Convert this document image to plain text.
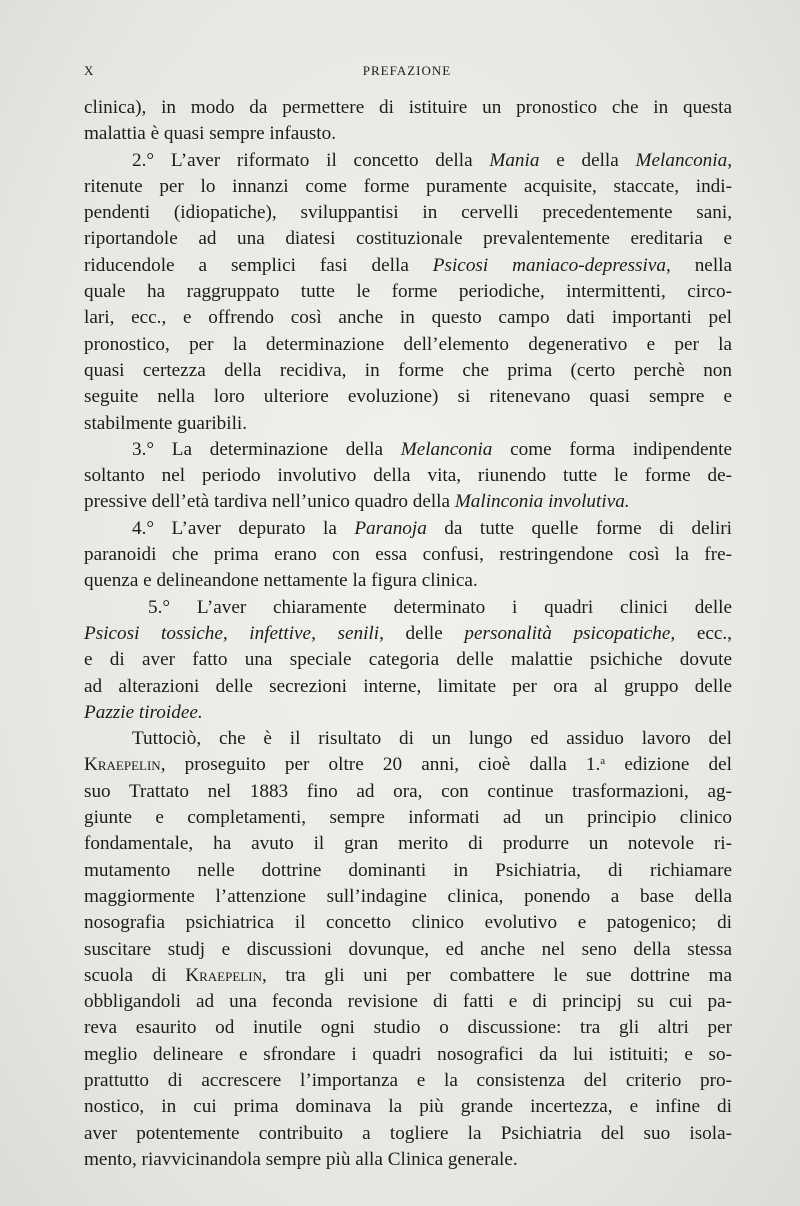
X	PREFAZIONE
clinica), in modo da permettere di istituire un pronostico che in questa
malattia è quasi sempre infausto.
2.° L’aver riformato il concetto della Mania e della Melanconia,
ritenute per lo innanzi come forme puramente acquisite, staccate, indi-
pendenti (idiopatiche), sviluppantisi in cervelli precedentemente sani,
riportandole ad una diatesi costituzionale prevalentemente ereditaria e
riducendole a semplici fasi della Psicosi maniaco-depressiva, nella
quale ha raggruppato tutte le forme periodiche, intermittenti, circo-
lari, ecc., e offrendo così anche in questo campo dati importanti pel
pronostico, per la determinazione dell’elemento degenerativo e per la
quasi certezza della recidiva, in forme che prima (certo perchè non
seguite nella loro ulteriore evoluzione) si ritenevano quasi sempre e
stabilmente guaribili.
3.° La determinazione della Melanconia come forma indipendente
soltanto nel periodo involutivo della vita, riunendo tutte le forme de-
pressive dell’età tardiva nell’unico quadro della Malinconia involutiva.
4.° L’aver depurato la Paranoja da tutte quelle forme di deliri
paranoidi che prima erano con essa confusi, restringendone così la fre-
quenza e delineandone nettamente la figura clinica.
5.° L’aver chiaramente determinato i quadri clinici delle
Psicosi tossiche, infettive, senili, delle personalità psicopatiche, ecc.,
e di aver fatto una speciale categoria delle malattie psichiche dovute
ad alterazioni delle secrezioni interne, limitate per ora al gruppo delle
Pazzie tiroidee.
Tuttociò, che è il risultato di un lungo ed assiduo lavoro del
Kraepelin, proseguito per oltre 20 anni, cioè dalla 1.$^a$ edizione del
suo Trattato nel 1883 fino ad ora, con continue trasformazioni, ag-
giunte e completamenti, sempre informati ad un principio clinico
fondamentale, ha avuto il gran merito di produrre un notevole ri-
mutamento nelle dottrine dominanti in Psichiatria, di richiamare
maggiormente l’attenzione sull’indagine clinica, ponendo a base della
nosografia psichiatrica il concetto clinico evolutivo e patogenico; di
suscitare studj e discussioni dovunque, ed anche nel seno della stessa
scuola di Kraepelin, tra gli uni per combattere le sue dottrine ma
obbligandoli ad una feconda revisione di fatti e di principj su cui pa-
reva esaurito od inutile ogni studio o discussione: tra gli altri per
meglio delineare e sfrondare i quadri nosografici da lui istituiti; e so-
prattutto di accrescere l’importanza e la consistenza del criterio pro-
nostico, in cui prima dominava la più grande incertezza, e infine di
aver potentemente contribuito a togliere la Psichiatria del suo isola-
mento, riavvicinandola sempre più alla Clinica generale.
